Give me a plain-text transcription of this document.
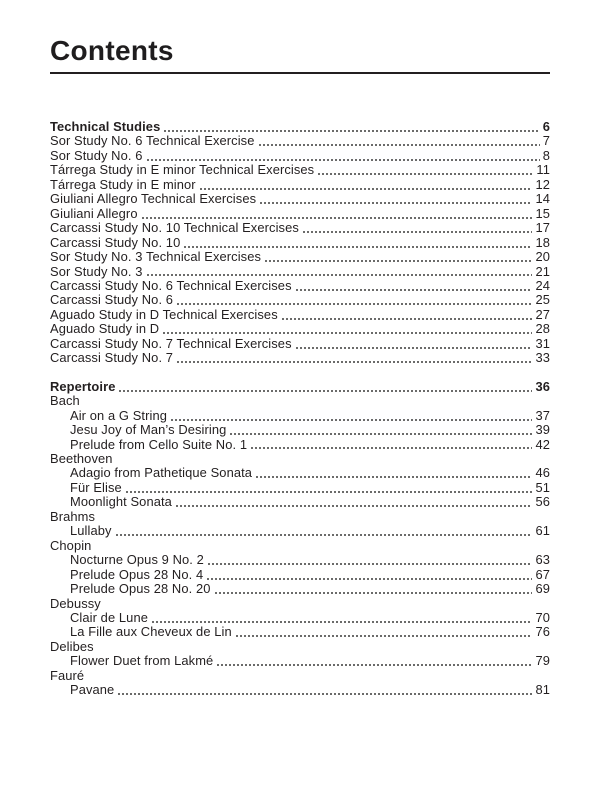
Contents
Technical Studies	6
Sor Study No. 6 Technical Exercise	7
Sor Study No. 6	8
Tárrega Study in E minor Technical Exercises	11
Tárrega Study in E minor	12
Giuliani Allegro Technical Exercises	14
Giuliani Allegro	15
Carcassi Study No. 10 Technical Exercises	17
Carcassi Study No. 10	18
Sor Study No. 3 Technical Exercises	20
Sor Study No. 3	21
Carcassi Study No. 6 Technical Exercises	24
Carcassi Study No. 6	25
Aguado Study in D Technical Exercises	27
Aguado Study in D	28
Carcassi Study No. 7 Technical Exercises	31
Carcassi Study No. 7	33
Repertoire	36
Bach
Air on a G String	37
Jesu Joy of Man’s Desiring	39
Prelude from Cello Suite No. 1	42
Beethoven
Adagio from Pathetique Sonata	46
Für Elise	51
Moonlight Sonata	56
Brahms
Lullaby	61
Chopin
Nocturne Opus 9 No. 2	63
Prelude Opus 28 No. 4	67
Prelude Opus 28 No. 20	69
Debussy
Clair de Lune	70
La Fille aux Cheveux de Lin	76
Delibes
Flower Duet from Lakmé	79
Fauré
Pavane	81
